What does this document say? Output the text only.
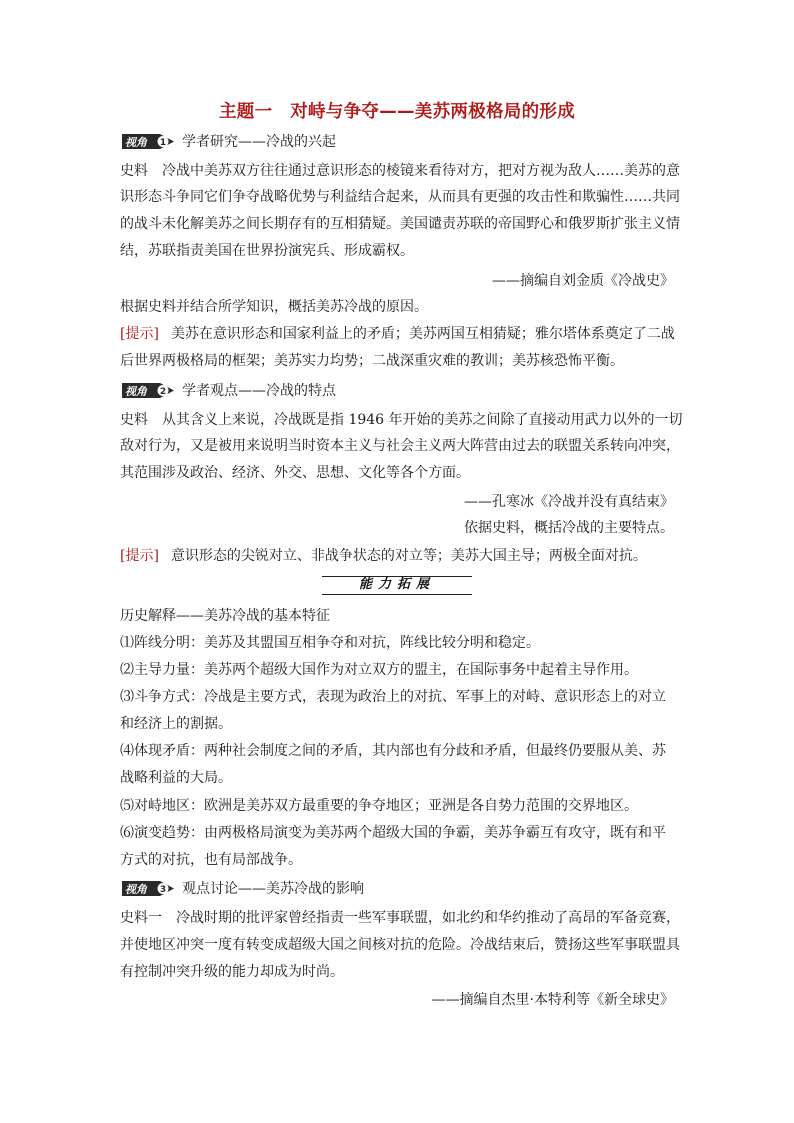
主题一　对峙与争夺——美苏两极格局的形成
视角 1 学者研究——冷战的兴起
史料　冷战中美苏双方往往通过意识形态的棱镜来看待对方，把对方视为敌人……美苏的意
识形态斗争同它们争夺战略优势与利益结合起来，从而具有更强的攻击性和欺骗性……共同
的战斗未化解美苏之间长期存有的互相猜疑。美国谴责苏联的帝国野心和俄罗斯扩张主义情
结，苏联指责美国在世界扮演宪兵、形成霸权。
——摘编自刘金质《冷战史》
根据史料并结合所学知识，概括美苏冷战的原因。
[提示] 美苏在意识形态和国家利益上的矛盾；美苏两国互相猜疑；雅尔塔体系奠定了二战
后世界两极格局的框架；美苏实力均势；二战深重灾难的教训；美苏核恐怖平衡。
视角 2 学者观点——冷战的特点
史料　从其含义上来说，冷战既是指 1946 年开始的美苏之间除了直接动用武力以外的一切
敌对行为，又是被用来说明当时资本主义与社会主义两大阵营由过去的联盟关系转向冲突，
其范围涉及政治、经济、外交、思想、文化等各个方面。
——孔寒冰《冷战并没有真结束》
依据史料，概括冷战的主要特点。
[提示] 意识形态的尖锐对立、非战争状态的对立等；美苏大国主导；两极全面对抗。
能力拓展
历史解释——美苏冷战的基本特征
⑴阵线分明：美苏及其盟国互相争夺和对抗，阵线比较分明和稳定。
⑵主导力量：美苏两个超级大国作为对立双方的盟主，在国际事务中起着主导作用。
⑶斗争方式：冷战是主要方式，表现为政治上的对抗、军事上的对峙、意识形态上的对立
和经济上的割据。
⑷体现矛盾：两种社会制度之间的矛盾，其内部也有分歧和矛盾，但最终仍要服从美、苏
战略利益的大局。
⑸对峙地区：欧洲是美苏双方最重要的争夺地区；亚洲是各自势力范围的交界地区。
⑹演变趋势：由两极格局演变为美苏两个超级大国的争霸，美苏争霸互有攻守，既有和平
方式的对抗，也有局部战争。
视角 3 观点讨论——美苏冷战的影响
史料一　冷战时期的批评家曾经指责一些军事联盟，如北约和华约推动了高昂的军备竞赛，
并使地区冲突一度有转变成超级大国之间核对抗的危险。冷战结束后，赞扬这些军事联盟具
有控制冲突升级的能力却成为时尚。
——摘编自杰里·本特利等《新全球史》
